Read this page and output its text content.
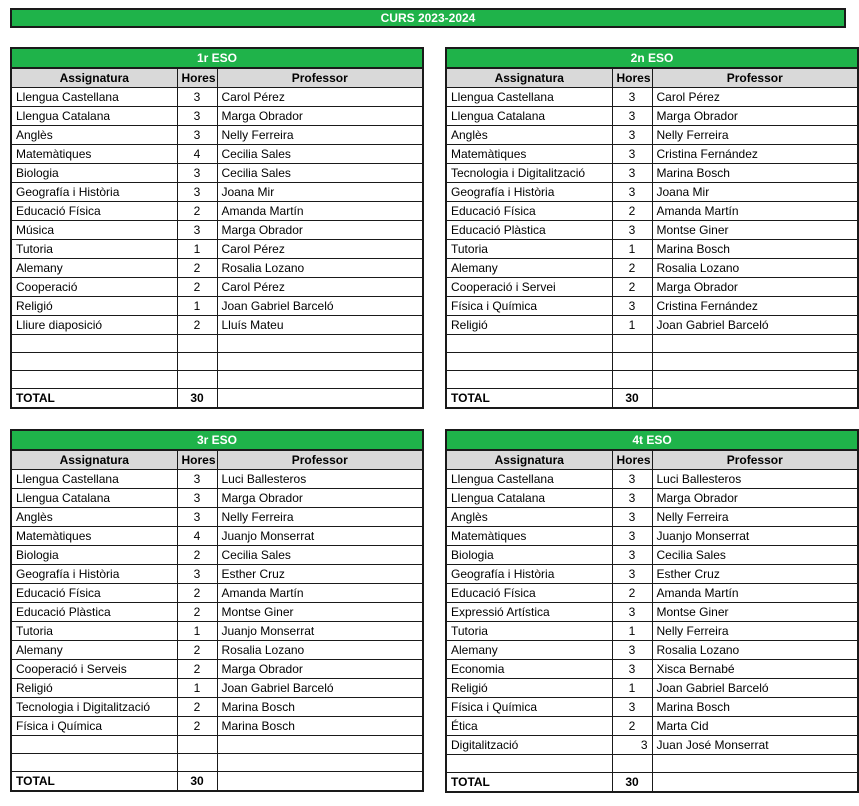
CURS 2023-2024
1r ESO		
Assignatura	Hores	Professor
Llengua Castellana	3	Carol Pérez
Llengua Catalana	3	Marga Obrador
Anglès	3	Nelly Ferreira
Matemàtiques	4	Cecilia Sales
Biologia	3	Cecilia Sales
Geografía i Història	3	Joana Mir
Educació Física	2	Amanda Martín
Música	3	Marga Obrador
Tutoria	1	Carol Pérez
Alemany	2	Rosalia Lozano
Cooperació	2	Carol Pérez
Religió	1	Joan Gabriel Barceló
Lliure diaposició	2	Lluís Mateu

TOTAL	30	
2n ESO		
Assignatura	Hores	Professor
Llengua Castellana	3	Carol Pérez
Llengua Catalana	3	Marga Obrador
Anglès	3	Nelly Ferreira
Matemàtiques	3	Cristina Fernández
Tecnologia i Digitalització	3	Marina Bosch
Geografía i Història	3	Joana Mir
Educació Física	2	Amanda Martín
Educació Plàstica	3	Montse Giner
Tutoria	1	Marina Bosch
Alemany	2	Rosalia Lozano
Cooperació i Servei	2	Marga Obrador
Física i Química	3	Cristina Fernández
Religió	1	Joan Gabriel Barceló

TOTAL	30	
3r ESO		
Assignatura	Hores	Professor
Llengua Castellana	3	Luci Ballesteros
Llengua Catalana	3	Marga Obrador
Anglès	3	Nelly Ferreira
Matemàtiques	4	Juanjo Monserrat
Biologia	2	Cecilia Sales
Geografía i Història	3	Esther Cruz
Educació Física	2	Amanda Martín
Educació Plàstica	2	Montse Giner
Tutoria	1	Juanjo Monserrat
Alemany	2	Rosalia Lozano
Cooperació i Serveis	2	Marga Obrador
Religió	1	Joan Gabriel Barceló
Tecnologia i Digitalització	2	Marina Bosch
Física i Química	2	Marina Bosch

TOTAL	30	
4t ESO		
Assignatura	Hores	Professor
Llengua Castellana	3	Luci Ballesteros
Llengua Catalana	3	Marga Obrador
Anglès	3	Nelly Ferreira
Matemàtiques	3	Juanjo Monserrat
Biologia	3	Cecilia Sales
Geografía i Història	3	Esther Cruz
Educació Física	2	Amanda Martín
Expressió Artística	3	Montse Giner
Tutoria	1	Nelly Ferreira
Alemany	3	Rosalia Lozano
Economia	3	Xisca Bernabé
Religió	1	Joan Gabriel Barceló
Física i Química	3	Marina Bosch
Ética	2	Marta Cid
Digitalització	3	Juan José Monserrat

TOTAL	30	
